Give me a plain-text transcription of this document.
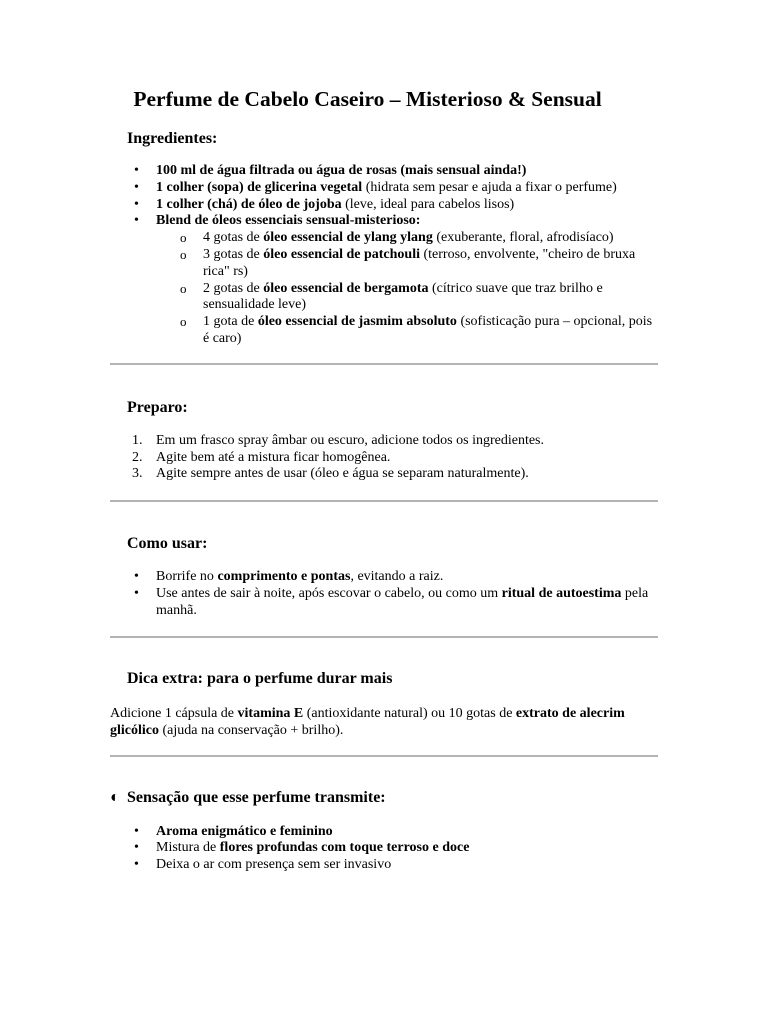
Perfume de Cabelo Caseiro – Misterioso & Sensual
Ingredientes:
• 100 ml de água filtrada ou água de rosas (mais sensual ainda!)
• 1 colher (sopa) de glicerina vegetal (hidrata sem pesar e ajuda a fixar o perfume)
• 1 colher (chá) de óleo de jojoba (leve, ideal para cabelos lisos)
• Blend de óleos essenciais sensual-misterioso:
o 4 gotas de óleo essencial de ylang ylang (exuberante, floral, afrodisíaco)
o 3 gotas de óleo essencial de patchouli (terroso, envolvente, "cheiro de bruxa rica" rs)
o 2 gotas de óleo essencial de bergamota (cítrico suave que traz brilho e sensualidade leve)
o 1 gota de óleo essencial de jasmim absoluto (sofisticação pura – opcional, pois é caro)
Preparo:
1. Em um frasco spray âmbar ou escuro, adicione todos os ingredientes.
2. Agite bem até a mistura ficar homogênea.
3. Agite sempre antes de usar (óleo e água se separam naturalmente).
Como usar:
• Borrife no comprimento e pontas, evitando a raiz.
• Use antes de sair à noite, após escovar o cabelo, ou como um ritual de autoestima pela manhã.
Dica extra: para o perfume durar mais

Adicione 1 cápsula de vitamina E (antioxidante natural) ou 10 gotas de extrato de alecrim glicólico (ajuda na conservação + brilho).

◐ Sensação que esse perfume transmite:
• Aroma enigmático e feminino
• Mistura de flores profundas com toque terroso e doce
• Deixa o ar com presença sem ser invasivo
